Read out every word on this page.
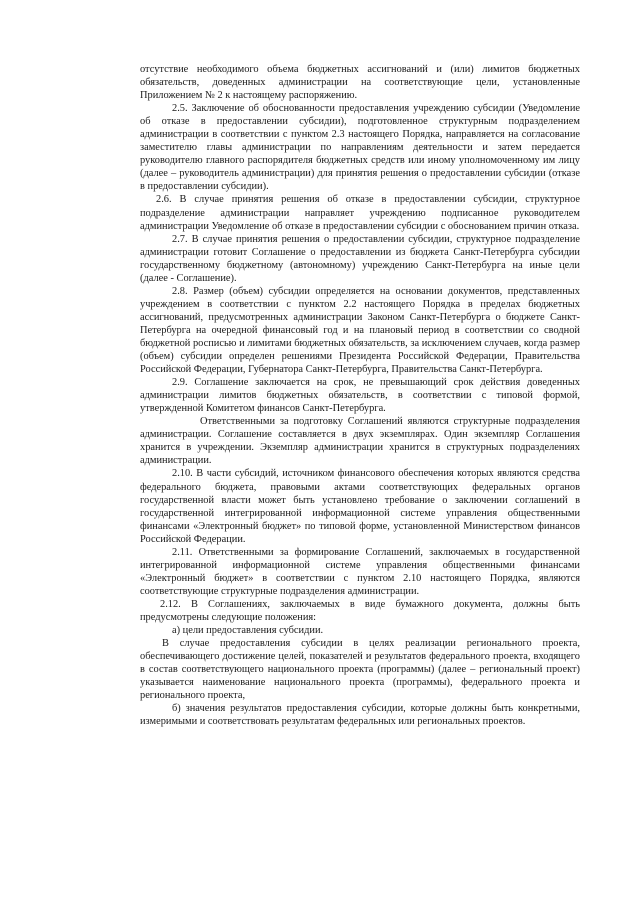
отсутствие необходимого объема бюджетных ассигнований и (или) лимитов бюджетных обязательств, доведенных администрации на соответствующие цели, установленные Приложением № 2 к настоящему распоряжению.

2.5. Заключение об обоснованности предоставления учреждению субсидии (Уведомление об отказе в предоставлении субсидии), подготовленное структурным подразделением администрации в соответствии с пунктом 2.3 настоящего Порядка, направляется на согласование заместителю главы администрации по направлениям деятельности и затем передается руководителю главного распорядителя бюджетных средств или иному уполномоченному им лицу (далее – руководитель администрации) для принятия решения о предоставлении субсидии (отказе в предоставлении субсидии).

2.6. В случае принятия решения об отказе в предоставлении субсидии, структурное подразделение администрации направляет учреждению подписанное руководителем администрации Уведомление об отказе в предоставлении субсидии с обоснованием причин отказа.

2.7. В случае принятия решения о предоставлении субсидии, структурное подразделение администрации готовит Соглашение о предоставлении из бюджета Санкт-Петербурга субсидии государственному бюджетному (автономному) учреждению Санкт-Петербурга на иные цели (далее - Соглашение).

2.8. Размер (объем) субсидии определяется на основании документов, представленных учреждением в соответствии с пунктом 2.2 настоящего Порядка в пределах бюджетных ассигнований, предусмотренных администрации Законом Санкт-Петербурга о бюджете Санкт-Петербурга на очередной финансовый год и на плановый период в соответствии со сводной бюджетной росписью и лимитами бюджетных обязательств, за исключением случаев, когда размер (объем) субсидии определен решениями Президента Российской Федерации, Правительства Российской Федерации, Губернатора Санкт-Петербурга, Правительства Санкт-Петербурга.

2.9. Соглашение заключается на срок, не превышающий срок действия доведенных администрации лимитов бюджетных обязательств, в соответствии с типовой формой, утвержденной Комитетом финансов Санкт-Петербурга.

Ответственными за подготовку Соглашений являются структурные подразделения администрации. Соглашение составляется в двух экземплярах. Один экземпляр Соглашения хранится в учреждении. Экземпляр администрации хранится в структурных подразделениях администрации.

2.10. В части субсидий, источником финансового обеспечения которых являются средства федерального бюджета, правовыми актами соответствующих федеральных органов государственной власти может быть установлено требование о заключении соглашений в государственной интегрированной информационной системе управления общественными финансами «Электронный бюджет» по типовой форме, установленной Министерством финансов Российской Федерации.

2.11. Ответственными за формирование Соглашений, заключаемых в государственной интегрированной информационной системе управления общественными финансами «Электронный бюджет» в соответствии с пунктом 2.10 настоящего Порядка, являются соответствующие структурные подразделения администрации.

2.12. В Соглашениях, заключаемых в виде бумажного документа, должны быть предусмотрены следующие положения:

а) цели предоставления субсидии.

В случае предоставления субсидии в целях реализации регионального проекта, обеспечивающего достижение целей, показателей и результатов федерального проекта, входящего в состав соответствующего национального проекта (программы) (далее – региональный проект) указывается наименование национального проекта (программы), федерального проекта и регионального проекта,

б) значения результатов предоставления субсидии, которые должны быть конкретными, измеримыми и соответствовать результатам федеральных или региональных проектов.
